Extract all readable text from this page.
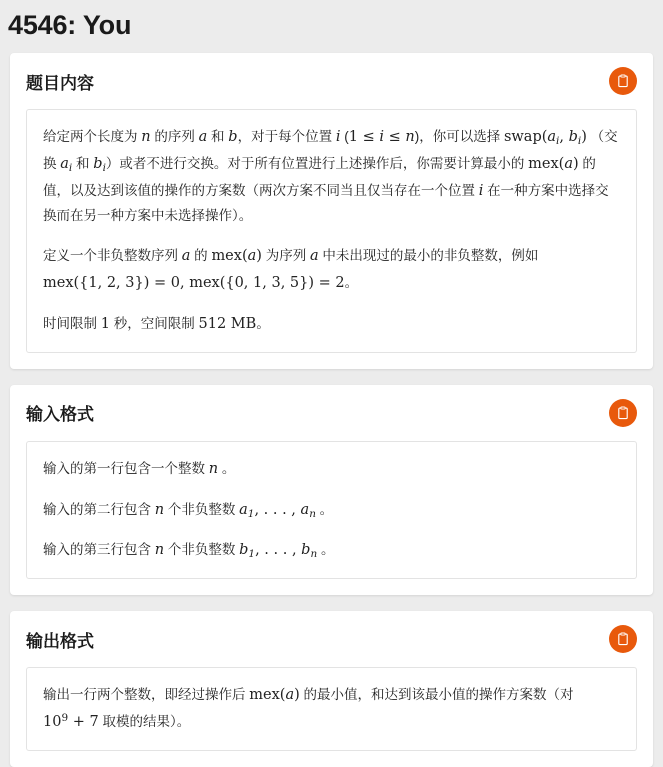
4546: You
题目内容

给定两个长度为 n 的序列 a 和 b，对于每个位置 i (1 ≤ i ≤ n)，你可以选择 $swap(a_i$, $b_i$) （交换 $a_i$ 和 $b_i$）或者不进行交换。对于所有位置进行上述操作后，你需要计算最小的 mex(a) 的值，以及达到该值的操作的方案数（两次方案不同当且仅当存在一个位置 i 在一种方案中选择交换而在另一种方案中未选择操作）。

定义一个非负整数序列 a 的 mex(a) 为序列 a 中未出现过的最小的非负整数，例如 mex({1, 2, 3}) = 0, mex({0, 1, 3, 5}) = 2。

时间限制 1 秒，空间限制 512 MB。

输入格式

输入的第一行包含一个整数 n 。

输入的第二行包含 n 个非负整数 $a_1$, . . . , $a_n$ 。

输入的第三行包含 n 个非负整数 $b_1$, . . . , $b_n$ 。

输出格式

输出一行两个整数，即经过操作后 mex(a) 的最小值，和达到该最小值的操作方案数（对 $10^9 + 7$ 取模的结果）。
